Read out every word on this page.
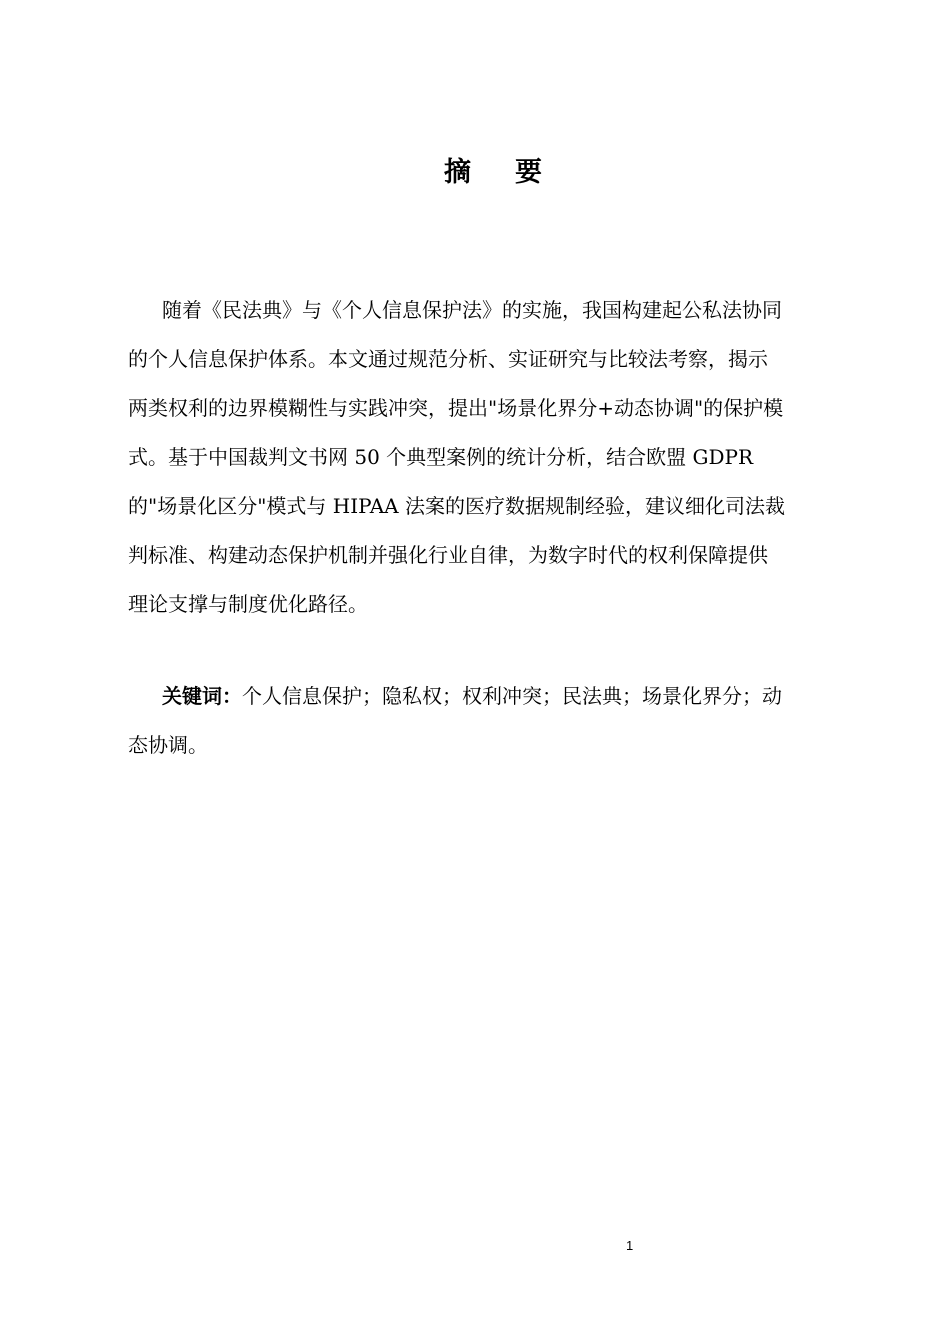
摘 要
随着《民法典》与《个人信息保护法》的实施，我国构建起公私法协同
的个人信息保护体系。本文通过规范分析、实证研究与比较法考察，揭示
两类权利的边界模糊性与实践冲突，提出"场景化界分+动态协调"的保护模
式。基于中国裁判文书网 50 个典型案例的统计分析，结合欧盟 GDPR
的"场景化区分"模式与 HIPAA 法案的医疗数据规制经验，建议细化司法裁
判标准、构建动态保护机制并强化行业自律，为数字时代的权利保障提供
理论支撑与制度优化路径。
关键词：个人信息保护；隐私权；权利冲突；民法典；场景化界分；动
态协调。
1
